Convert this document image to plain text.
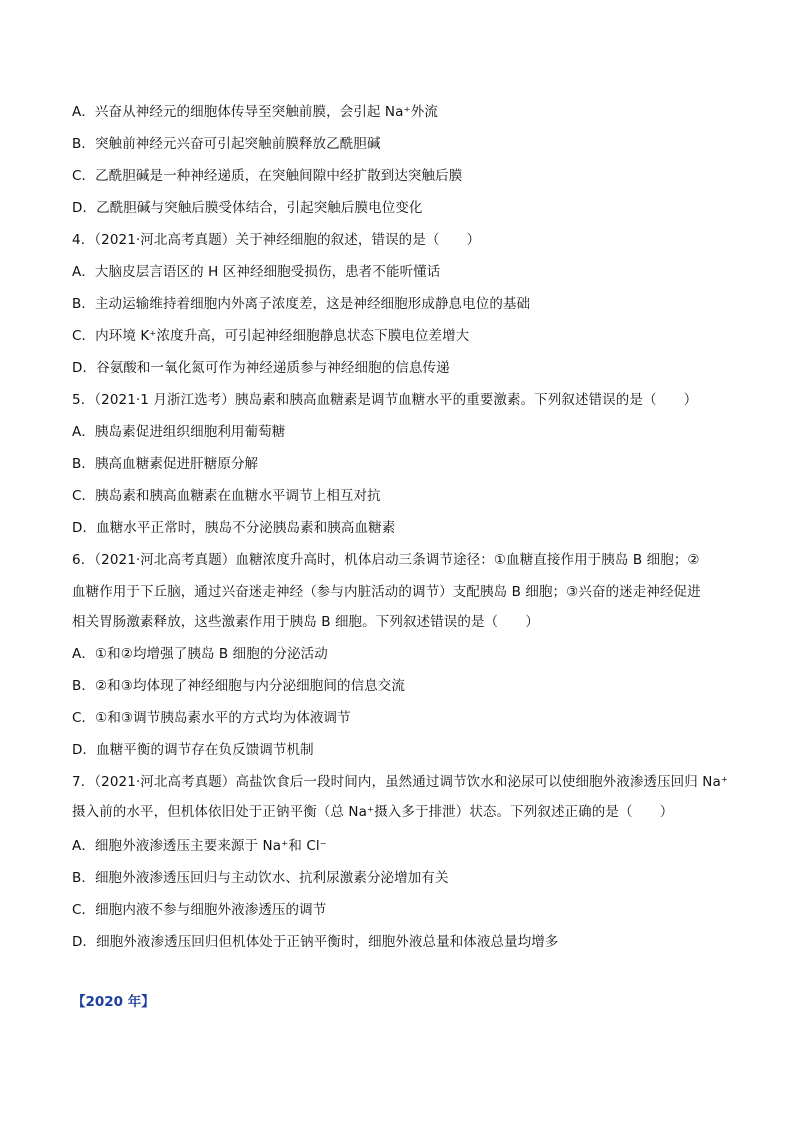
A．兴奋从神经元的细胞体传导至突触前膜，会引起 Na⁺外流
B．突触前神经元兴奋可引起突触前膜释放乙酰胆碱
C．乙酰胆碱是一种神经递质，在突触间隙中经扩散到达突触后膜
D．乙酰胆碱与突触后膜受体结合，引起突触后膜电位变化
4．（2021·河北高考真题）关于神经细胞的叙述，错误的是（　　）
A．大脑皮层言语区的 H 区神经细胞受损伤，患者不能听懂话
B．主动运输维持着细胞内外离子浓度差，这是神经细胞形成静息电位的基础
C．内环境 K⁺浓度升高，可引起神经细胞静息状态下膜电位差增大
D．谷氨酸和一氧化氮可作为神经递质参与神经细胞的信息传递
5．（2021·1 月浙江选考）胰岛素和胰高血糖素是调节血糖水平的重要激素。下列叙述错误的是（　　）
A．胰岛素促进组织细胞利用葡萄糖
B．胰高血糖素促进肝糖原分解
C．胰岛素和胰高血糖素在血糖水平调节上相互对抗
D．血糖水平正常时，胰岛不分泌胰岛素和胰高血糖素
6．（2021·河北高考真题）血糖浓度升高时，机体启动三条调节途径：①血糖直接作用于胰岛 B 细胞；②
血糖作用于下丘脑，通过兴奋迷走神经（参与内脏活动的调节）支配胰岛 B 细胞；③兴奋的迷走神经促进
相关胃肠激素释放，这些激素作用于胰岛 B 细胞。下列叙述错误的是（　　）
A．①和②均增强了胰岛 B 细胞的分泌活动
B．②和③均体现了神经细胞与内分泌细胞间的信息交流
C．①和③调节胰岛素水平的方式均为体液调节
D．血糖平衡的调节存在负反馈调节机制
7．（2021·河北高考真题）高盐饮食后一段时间内，虽然通过调节饮水和泌尿可以使细胞外液渗透压回归 Na⁺
摄入前的水平，但机体依旧处于正钠平衡（总 Na⁺摄入多于排泄）状态。下列叙述正确的是（　　）
A．细胞外液渗透压主要来源于 Na⁺和 Cl⁻
B．细胞外液渗透压回归与主动饮水、抗利尿激素分泌增加有关
C．细胞内液不参与细胞外液渗透压的调节
D．细胞外液渗透压回归但机体处于正钠平衡时，细胞外液总量和体液总量均增多
【2020 年】
